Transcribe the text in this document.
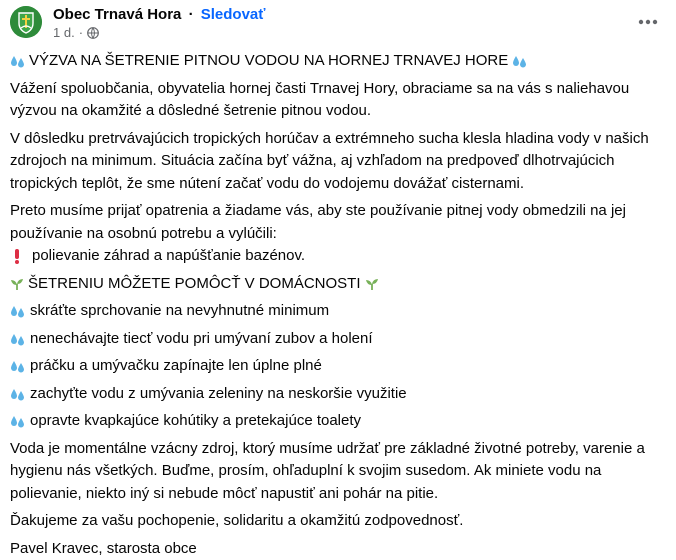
Obec Trnavá Hora · Sledovať
1 d. ·

VÝZVA NA ŠETRENIE PITNOU VODOU NA HORNEJ TRNAVEJ HORE

Vážení spoluobčania, obyvatelia hornej časti Trnavej Hory, obraciame sa na vás s naliehavou výzvou na okamžité a dôsledné šetrenie pitnou vodou.

V dôsledku pretrvávajúcich tropických horúčav a extrémneho sucha klesla hladina vody v našich zdrojoch na minimum. Situácia začína byť vážna, aj vzhľadom na predpoveď dlhotrvajúcich tropických teplôt, že sme nútení začať vodu do vodojemu dovážať cisternami.

Preto musíme prijať opatrenia a žiadame vás, aby ste používanie pitnej vody obmedzili na jej používanie na osobnú potrebu a vylúčili:

polievanie záhrad a napúšťanie bazénov.

ŠETRENIU MÔŽETE POMÔCŤ V DOMÁCNOSTI

skráťte sprchovanie na nevyhnutné minimum
nenechávajte tiecť vodu pri umývaní zubov a holení
práčku a umývačku zapínajte len úplne plné
zachyťte vodu z umývania zeleniny na neskoršie využitie
opravte kvapkajúce kohútiky a pretekajúce toalety

Voda je momentálne vzácny zdroj, ktorý musíme udržať pre základné životné potreby, varenie a hygienu nás všetkých. Buďme, prosím, ohľaduplní k svojim susedom. Ak miniete vodu na polievanie, niekto iný si nebude môcť napustiť ani pohár na pitie.

Ďakujeme za vašu pochopenie, solidaritu a okamžitú zodpovednosť.

Pavel Kravec, starosta obce
